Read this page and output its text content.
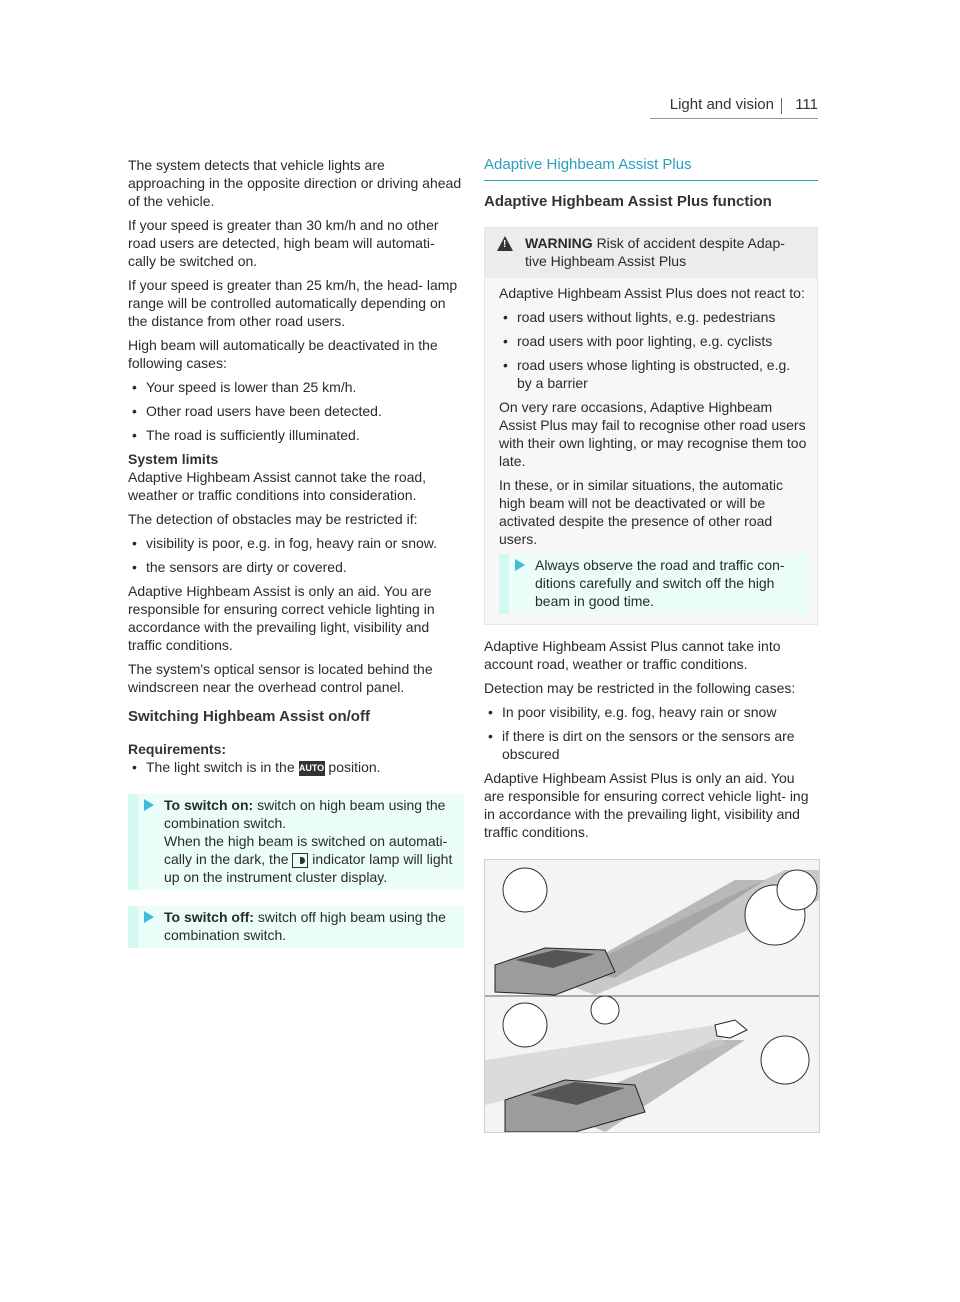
Light and vision 111

The system detects that vehicle lights are approaching in the opposite direction or driving ahead of the vehicle.

If your speed is greater than 30 km/h and no other road users are detected, high beam will automati- cally be switched on.

If your speed is greater than 25 km/h, the head- lamp range will be controlled automatically depending on the distance from other road users.

High beam will automatically be deactivated in the following cases:

• Your speed is lower than 25 km/h.
• Other road users have been detected.
• The road is sufficiently illuminated.
System limits

Adaptive Highbeam Assist cannot take the road, weather or traffic conditions into consideration.

The detection of obstacles may be restricted if:

• visibility is poor, e.g. in fog, heavy rain or snow.
• the sensors are dirty or covered.

Adaptive Highbeam Assist is only an aid. You are responsible for ensuring correct vehicle lighting in accordance with the prevailing light, visibility and traffic conditions.

The system's optical sensor is located behind the windscreen near the overhead control panel.

Switching Highbeam Assist on/off
Requirements:
• The light switch is in the AUTO position.
To switch on: switch on high beam using the combination switch.
When the high beam is switched on automati- cally in the dark, the indicator lamp will light up on the instrument cluster display.
To switch off: switch off high beam using the combination switch.
Adaptive Highbeam Assist Plus
Adaptive Highbeam Assist Plus function
! WARNING Risk of accident despite Adap- tive Highbeam Assist Plus

Adaptive Highbeam Assist Plus does not react to:

• road users without lights, e.g. pedestrians
• road users with poor lighting, e.g. cyclists
• road users whose lighting is obstructed, e.g. by a barrier

On very rare occasions, Adaptive Highbeam Assist Plus may fail to recognise other road users with their own lighting, or may recognise them too late.

In these, or in similar situations, the automatic high beam will not be deactivated or will be activated despite the presence of other road users.

Always observe the road and traffic con- ditions carefully and switch off the high beam in good time.

Adaptive Highbeam Assist Plus cannot take into account road, weather or traffic conditions.

Detection may be restricted in the following cases:

• In poor visibility, e.g. fog, heavy rain or snow
• if there is dirt on the sensors or the sensors are obscured

Adaptive Highbeam Assist Plus is only an aid. You are responsible for ensuring correct vehicle light- ing in accordance with the prevailing light, visibility and traffic conditions.
